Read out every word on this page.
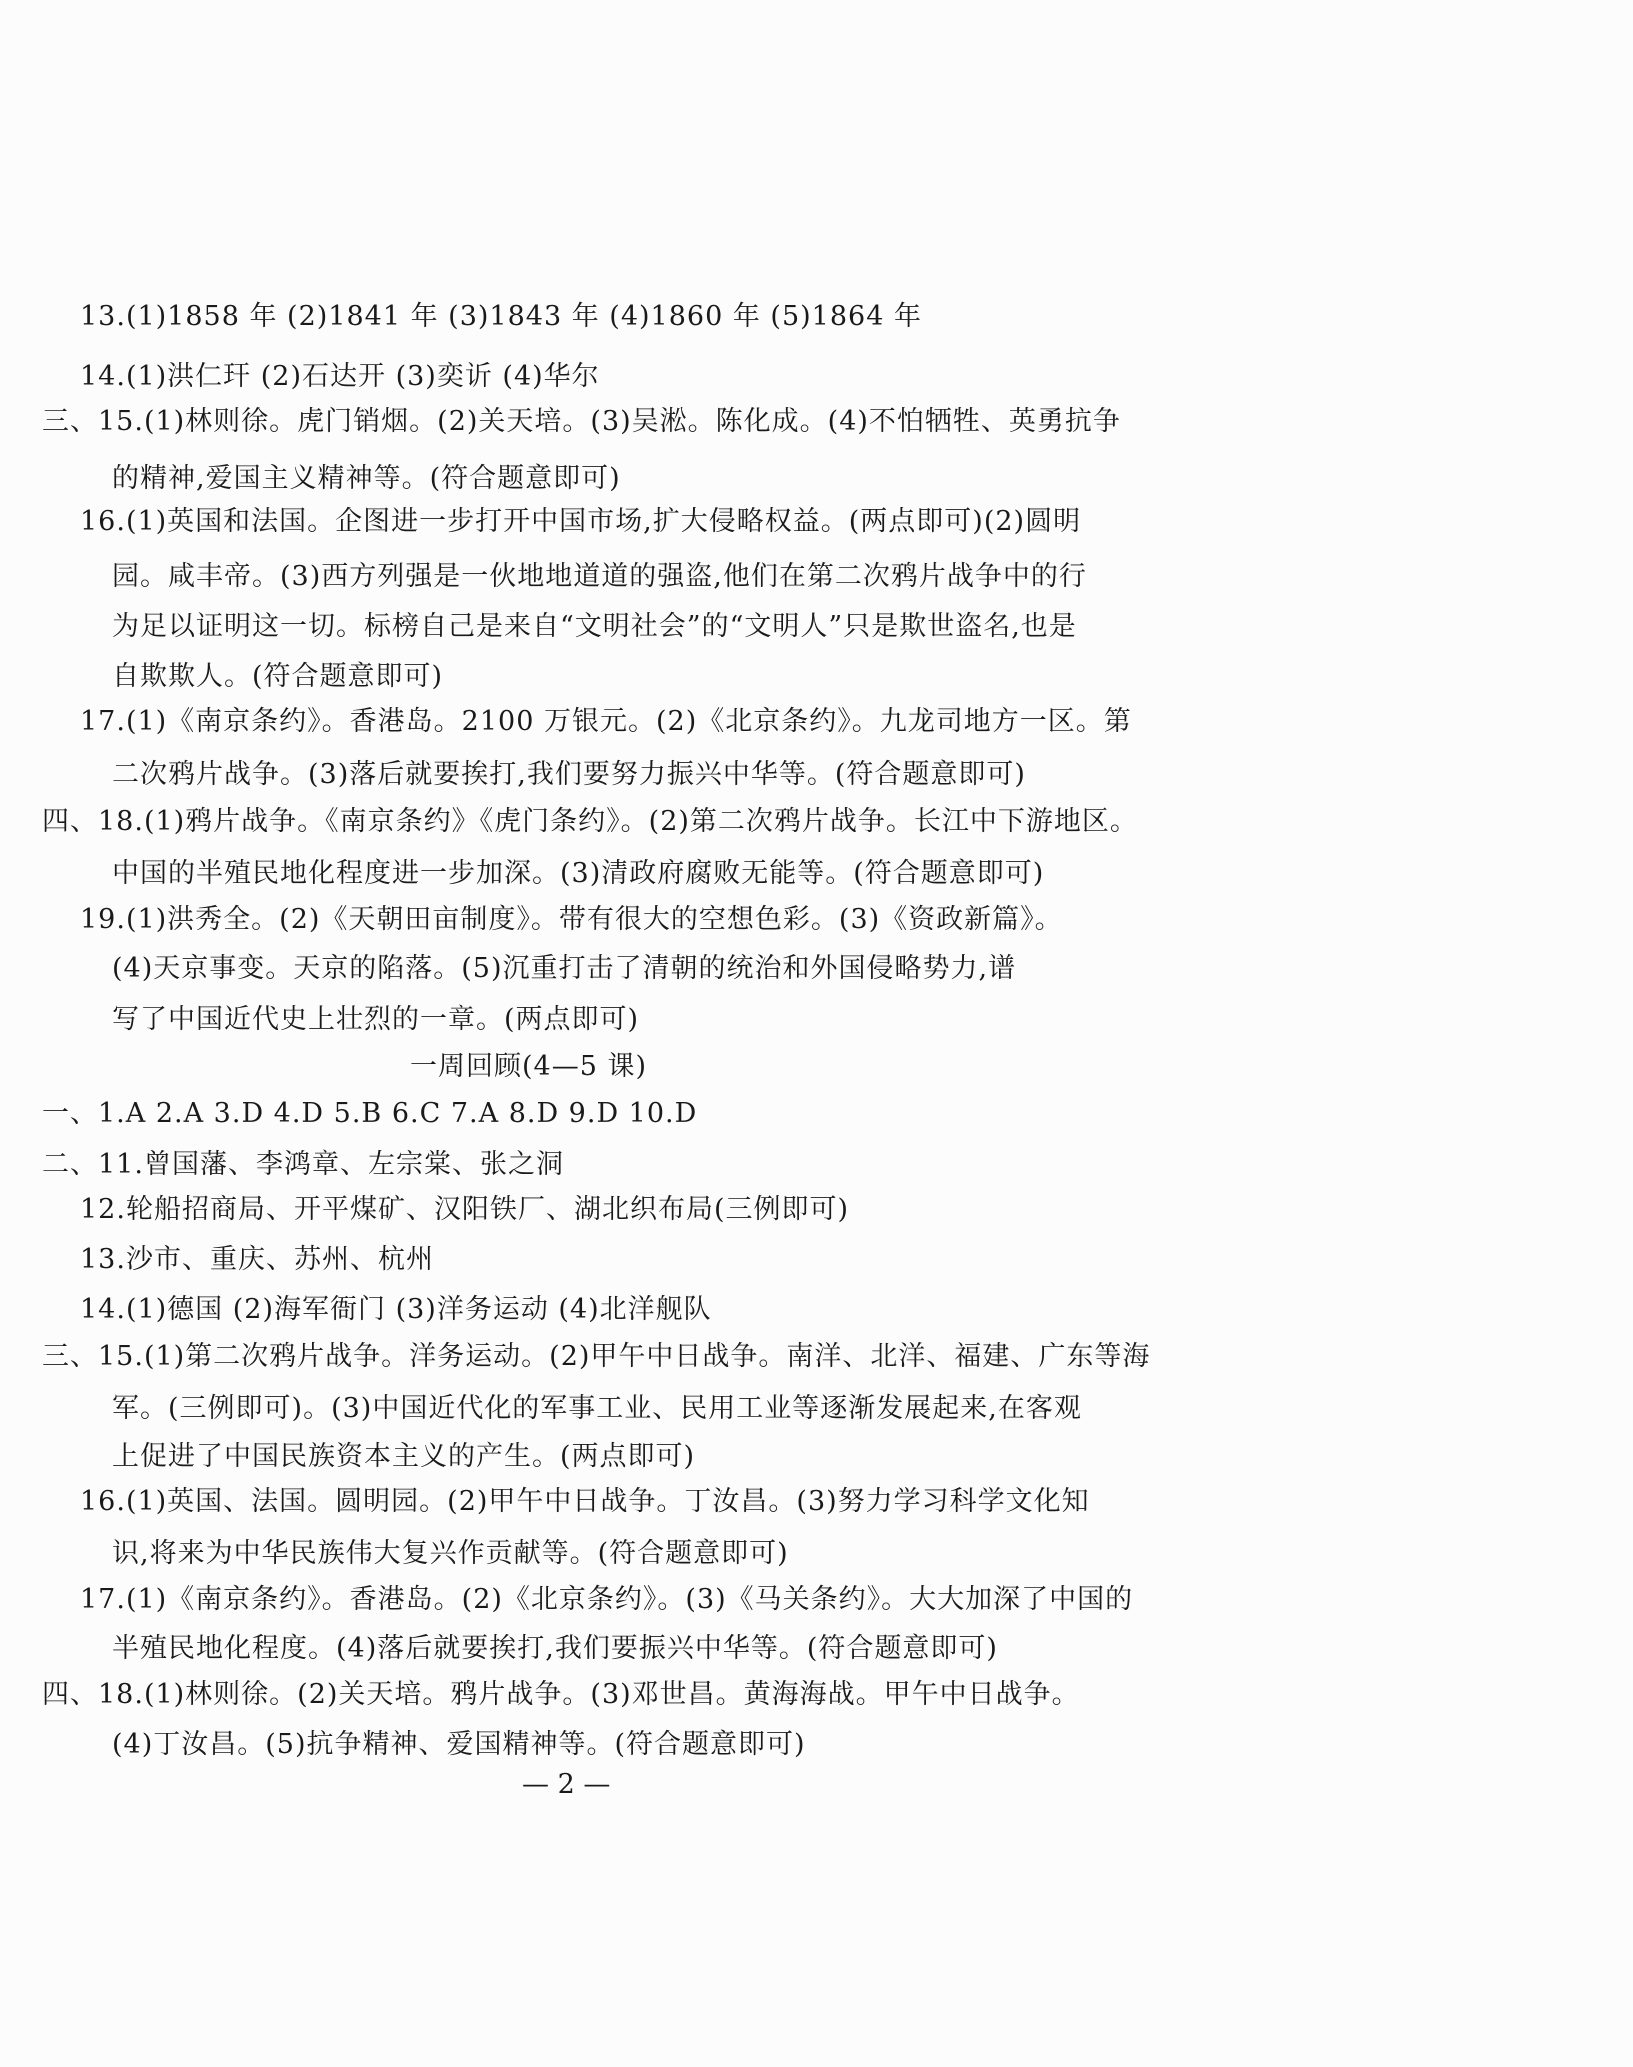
13.(1)1858 年 (2)1841 年 (3)1843 年 (4)1860 年 (5)1864 年
14.(1)洪仁玕 (2)石达开 (3)奕䜣 (4)华尔
三、15.(1)林则徐。虎门销烟。(2)关天培。(3)吴淞。陈化成。(4)不怕牺牲、英勇抗争
的精神,爱国主义精神等。(符合题意即可)
16.(1)英国和法国。企图进一步打开中国市场,扩大侵略权益。(两点即可)(2)圆明
园。咸丰帝。(3)西方列强是一伙地地道道的强盗,他们在第二次鸦片战争中的行
为足以证明这一切。标榜自己是来自“文明社会”的“文明人”只是欺世盗名,也是
自欺欺人。(符合题意即可)
17.(1)《南京条约》。香港岛。2100 万银元。(2)《北京条约》。九龙司地方一区。第
二次鸦片战争。(3)落后就要挨打,我们要努力振兴中华等。(符合题意即可)
四、18.(1)鸦片战争。《南京条约》《虎门条约》。(2)第二次鸦片战争。长江中下游地区。
中国的半殖民地化程度进一步加深。(3)清政府腐败无能等。(符合题意即可)
19.(1)洪秀全。(2)《天朝田亩制度》。带有很大的空想色彩。(3)《资政新篇》。
(4)天京事变。天京的陷落。(5)沉重打击了清朝的统治和外国侵略势力,谱
写了中国近代史上壮烈的一章。(两点即可)
一周回顾(4—5 课)
一、1.A 2.A 3.D 4.D 5.B 6.C 7.A 8.D 9.D 10.D
二、11.曾国藩、李鸿章、左宗棠、张之洞
12.轮船招商局、开平煤矿、汉阳铁厂、湖北织布局(三例即可)
13.沙市、重庆、苏州、杭州
14.(1)德国 (2)海军衙门 (3)洋务运动 (4)北洋舰队
三、15.(1)第二次鸦片战争。洋务运动。(2)甲午中日战争。南洋、北洋、福建、广东等海
军。(三例即可)。(3)中国近代化的军事工业、民用工业等逐渐发展起来,在客观
上促进了中国民族资本主义的产生。(两点即可)
16.(1)英国、法国。圆明园。(2)甲午中日战争。丁汝昌。(3)努力学习科学文化知
识,将来为中华民族伟大复兴作贡献等。(符合题意即可)
17.(1)《南京条约》。香港岛。(2)《北京条约》。(3)《马关条约》。大大加深了中国的
半殖民地化程度。(4)落后就要挨打,我们要振兴中华等。(符合题意即可)
四、18.(1)林则徐。(2)关天培。鸦片战争。(3)邓世昌。黄海海战。甲午中日战争。
(4)丁汝昌。(5)抗争精神、爱国精神等。(符合题意即可)
— 2 —
